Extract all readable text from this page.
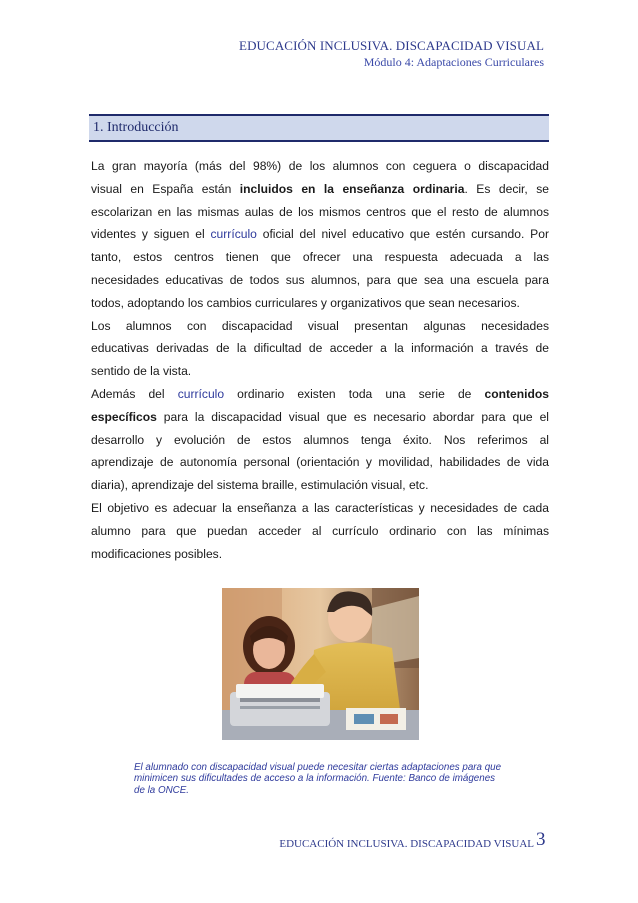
EDUCACIÓN INCLUSIVA. DISCAPACIDAD VISUAL
Módulo 4: Adaptaciones Curriculares
1. Introducción

La gran mayoría (más del 98%) de los alumnos con ceguera o discapacidad

visual en España están incluidos en la enseñanza ordinaria. Es decir, se

escolarizan en las mismas aulas de los mismos centros que el resto de alumnos

videntes y siguen el currículo oficial del nivel educativo que estén cursando. Por

tanto, estos centros tienen que ofrecer una respuesta adecuada a las

necesidades educativas de todos sus alumnos, para que sea una escuela para

todos, adoptando los cambios curriculares y organizativos que sean necesarios.

Los alumnos con discapacidad visual presentan algunas necesidades

educativas derivadas de la dificultad de acceder a la información a través de

sentido de la vista.

Además del currículo ordinario existen toda una serie de contenidos

específicos para la discapacidad visual que es necesario abordar para que el

desarrollo y evolución de estos alumnos tenga éxito. Nos referimos al

aprendizaje de autonomía personal (orientación y movilidad, habilidades de vida

diaria), aprendizaje del sistema braille, estimulación visual, etc.

El objetivo es adecuar la enseñanza a las características y necesidades de cada

alumno para que puedan acceder al currículo ordinario con las mínimas

modificaciones posibles.

El alumnado con discapacidad visual puede necesitar ciertas adaptaciones para que
minimicen sus dificultades de acceso a la información. Fuente: Banco de imágenes
de la ONCE.
EDUCACIÓN INCLUSIVA. DISCAPACIDAD VISUAL 3
